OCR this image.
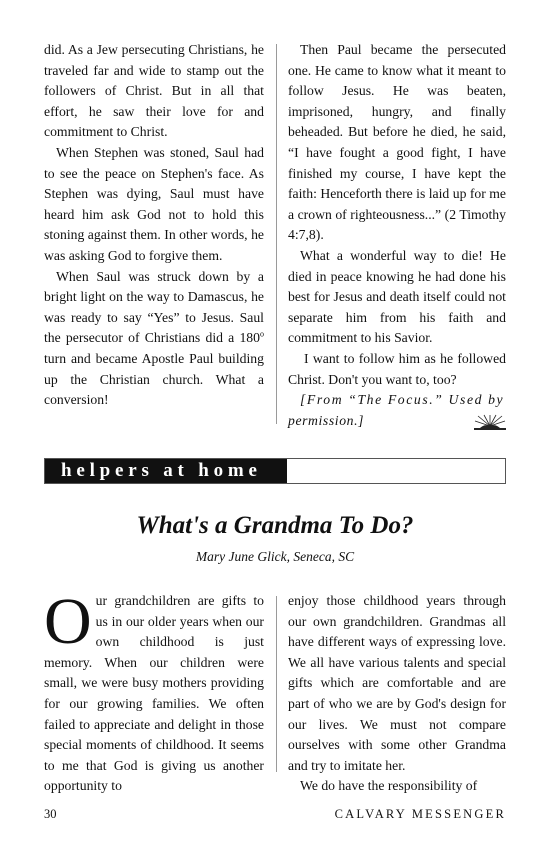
did. As a Jew persecuting Christians, he traveled far and wide to stamp out the followers of Christ. But in all that effort, he saw their love for and commitment to Christ.

When Stephen was stoned, Saul had to see the peace on Stephen's face. As Stephen was dying, Saul must have heard him ask God not to hold this stoning against them. In other words, he was asking God to forgive them.

When Saul was struck down by a bright light on the way to Damascus, he was ready to say “Yes” to Jesus. Saul the persecutor of Christians did a 180$^o$ turn and became Apostle Paul building up the Christian church. What a conversion!

Then Paul became the persecuted one. He came to know what it meant to follow Jesus. He was beaten, imprisoned, hungry, and finally beheaded. But before he died, he said, “I have fought a good fight, I have finished my course, I have kept the faith: Henceforth there is laid up for me a crown of righteousness...” (2 Timothy 4:7,8).

What a wonderful way to die! He died in peace knowing he had done his best for Jesus and death itself could not separate him from his faith and commitment to his Savior.

I want to follow him as he followed Christ. Don't you want to, too?

[From “The Focus.” Used by

permission.]

helpers at home
What's a Grandma To Do?
Mary June Glick, Seneca, SC

Our grandchildren are gifts to us in our older years when our own childhood is just memory. When our children were small, we were busy mothers providing for our growing families. We often failed to appreciate and delight in those special moments of childhood. It seems to me that God is giving us another opportunity to

enjoy those childhood years through our own grandchildren. Grandmas all have different ways of expressing love. We all have various talents and special gifts which are comfortable and are part of who we are by God's design for our lives. We must not compare ourselves with some other Grandma and try to imitate her.

We do have the responsibility of

30	CALVARY MESSENGER
